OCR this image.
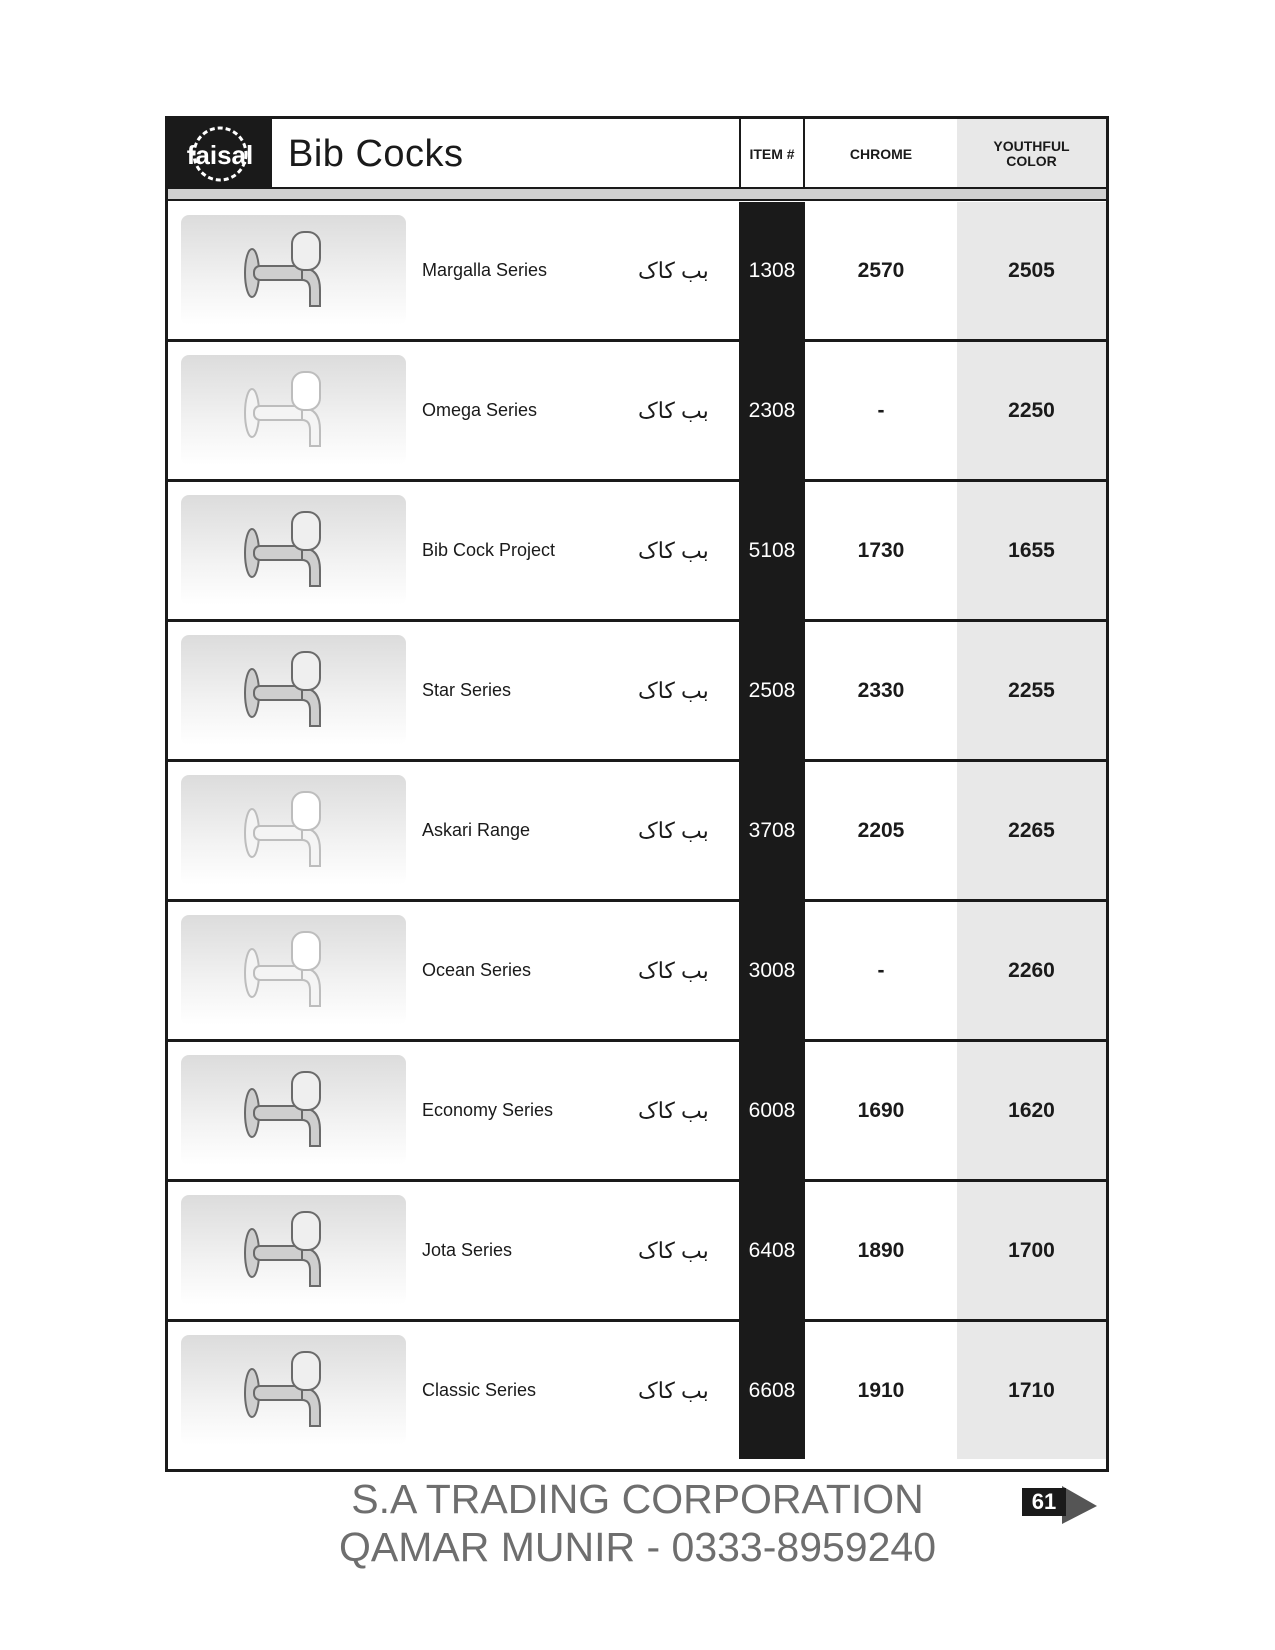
faisal Bib Cocks	ITEM #	CHROME	YOUTHFUL
COLOR
Margalla Series	بب کاک	1308	2570	2505
Omega Series	بب کاک	2308	-	2250
Bib Cock Project	بب کاک	5108	1730	1655
Star Series	بب کاک	2508	2330	2255
Askari Range	بب کاک	3708	2205	2265
Ocean Series	بب کاک	3008	-	2260
Economy Series	بب کاک	6008	1690	1620
Jota Series	بب کاک	6408	1890	1700
Classic Series	بب کاک	6608	1910	1710
S.A TRADING CORPORATION
QAMAR MUNIR - 0333-8959240
61
